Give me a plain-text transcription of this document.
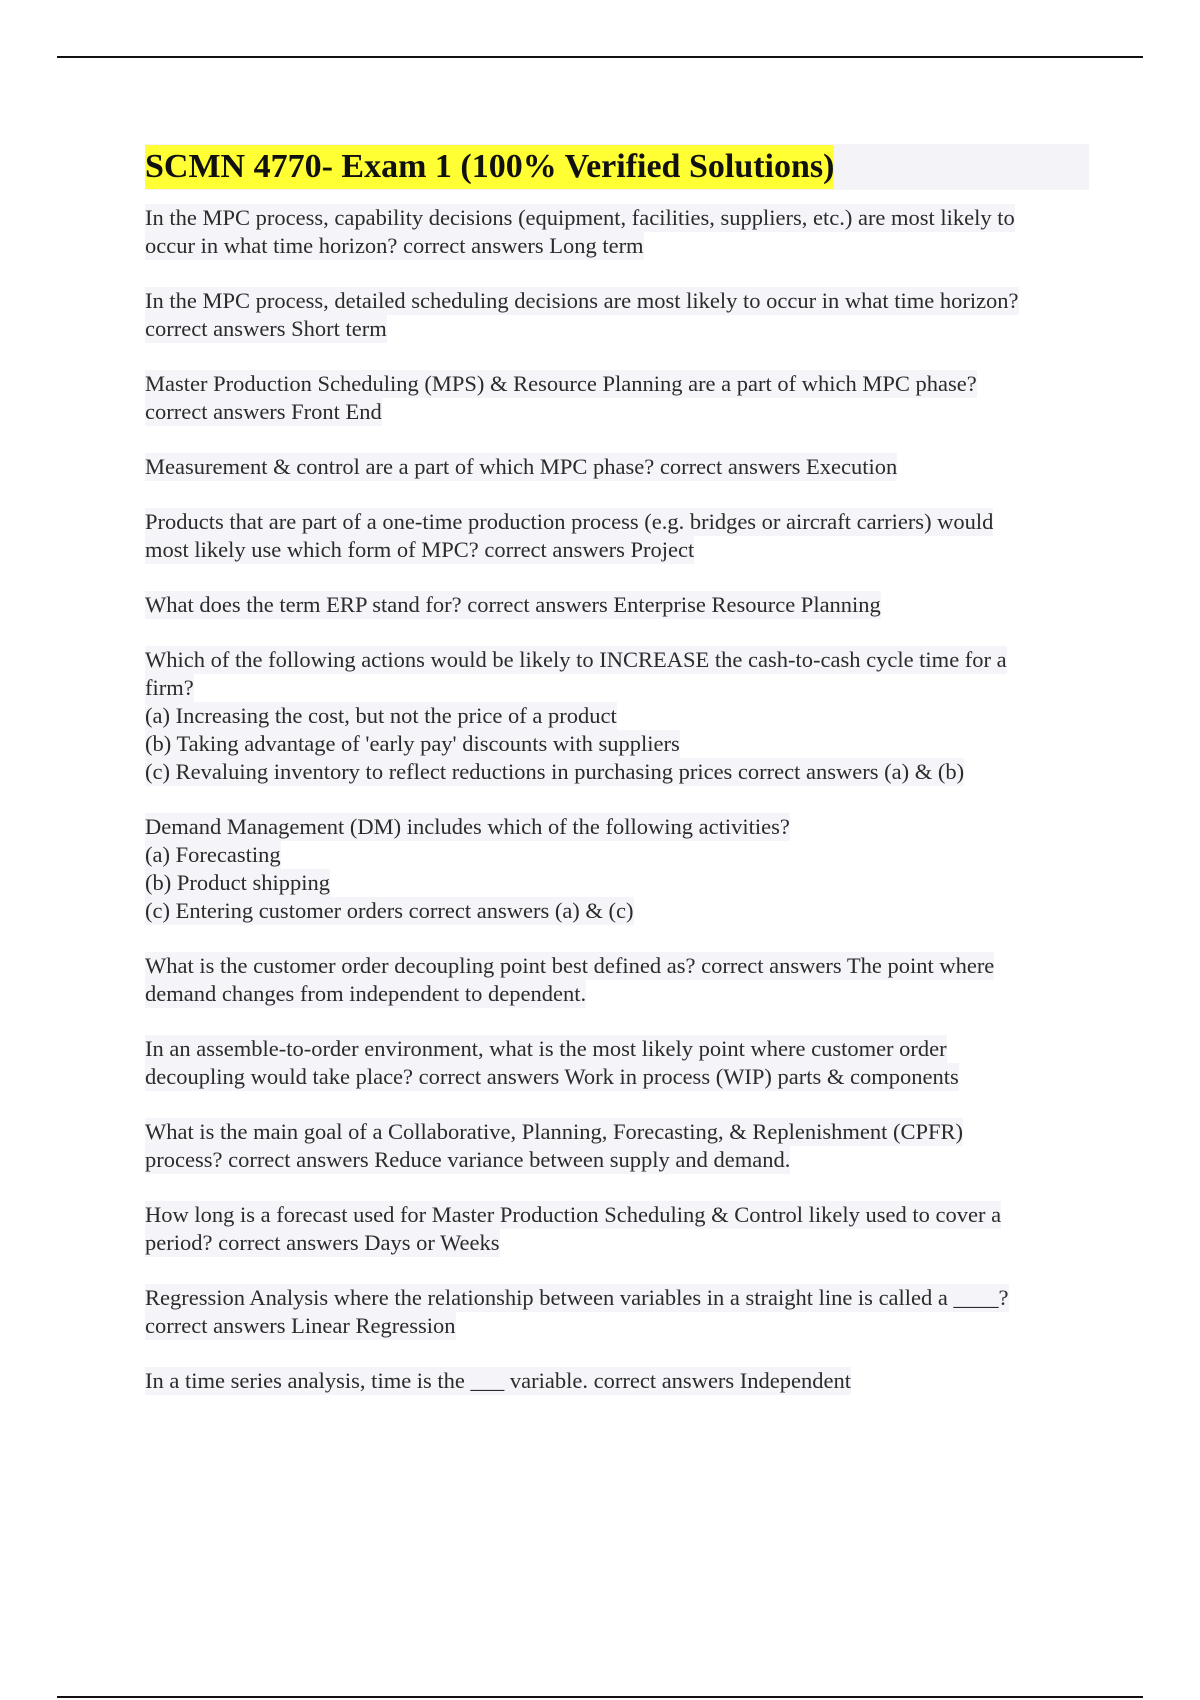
SCMN 4770- Exam 1 (100% Verified Solutions)
In the MPC process, capability decisions (equipment, facilities, suppliers, etc.) are most likely to
occur in what time horizon? correct answers Long term
In the MPC process, detailed scheduling decisions are most likely to occur in what time horizon?
correct answers Short term
Master Production Scheduling (MPS) & Resource Planning are a part of which MPC phase?
correct answers Front End
Measurement & control are a part of which MPC phase? correct answers Execution
Products that are part of a one-time production process (e.g. bridges or aircraft carriers) would
most likely use which form of MPC? correct answers Project
What does the term ERP stand for? correct answers Enterprise Resource Planning
Which of the following actions would be likely to INCREASE the cash-to-cash cycle time for a
firm?
(a) Increasing the cost, but not the price of a product
(b) Taking advantage of 'early pay' discounts with suppliers
(c) Revaluing inventory to reflect reductions in purchasing prices correct answers (a) & (b)
Demand Management (DM) includes which of the following activities?
(a) Forecasting
(b) Product shipping
(c) Entering customer orders correct answers (a) & (c)
What is the customer order decoupling point best defined as? correct answers The point where
demand changes from independent to dependent.
In an assemble-to-order environment, what is the most likely point where customer order
decoupling would take place? correct answers Work in process (WIP) parts & components
What is the main goal of a Collaborative, Planning, Forecasting, & Replenishment (CPFR)
process? correct answers Reduce variance between supply and demand.
How long is a forecast used for Master Production Scheduling & Control likely used to cover a
period? correct answers Days or Weeks
Regression Analysis where the relationship between variables in a straight line is called a ____?
correct answers Linear Regression
In a time series analysis, time is the ___ variable. correct answers Independent
